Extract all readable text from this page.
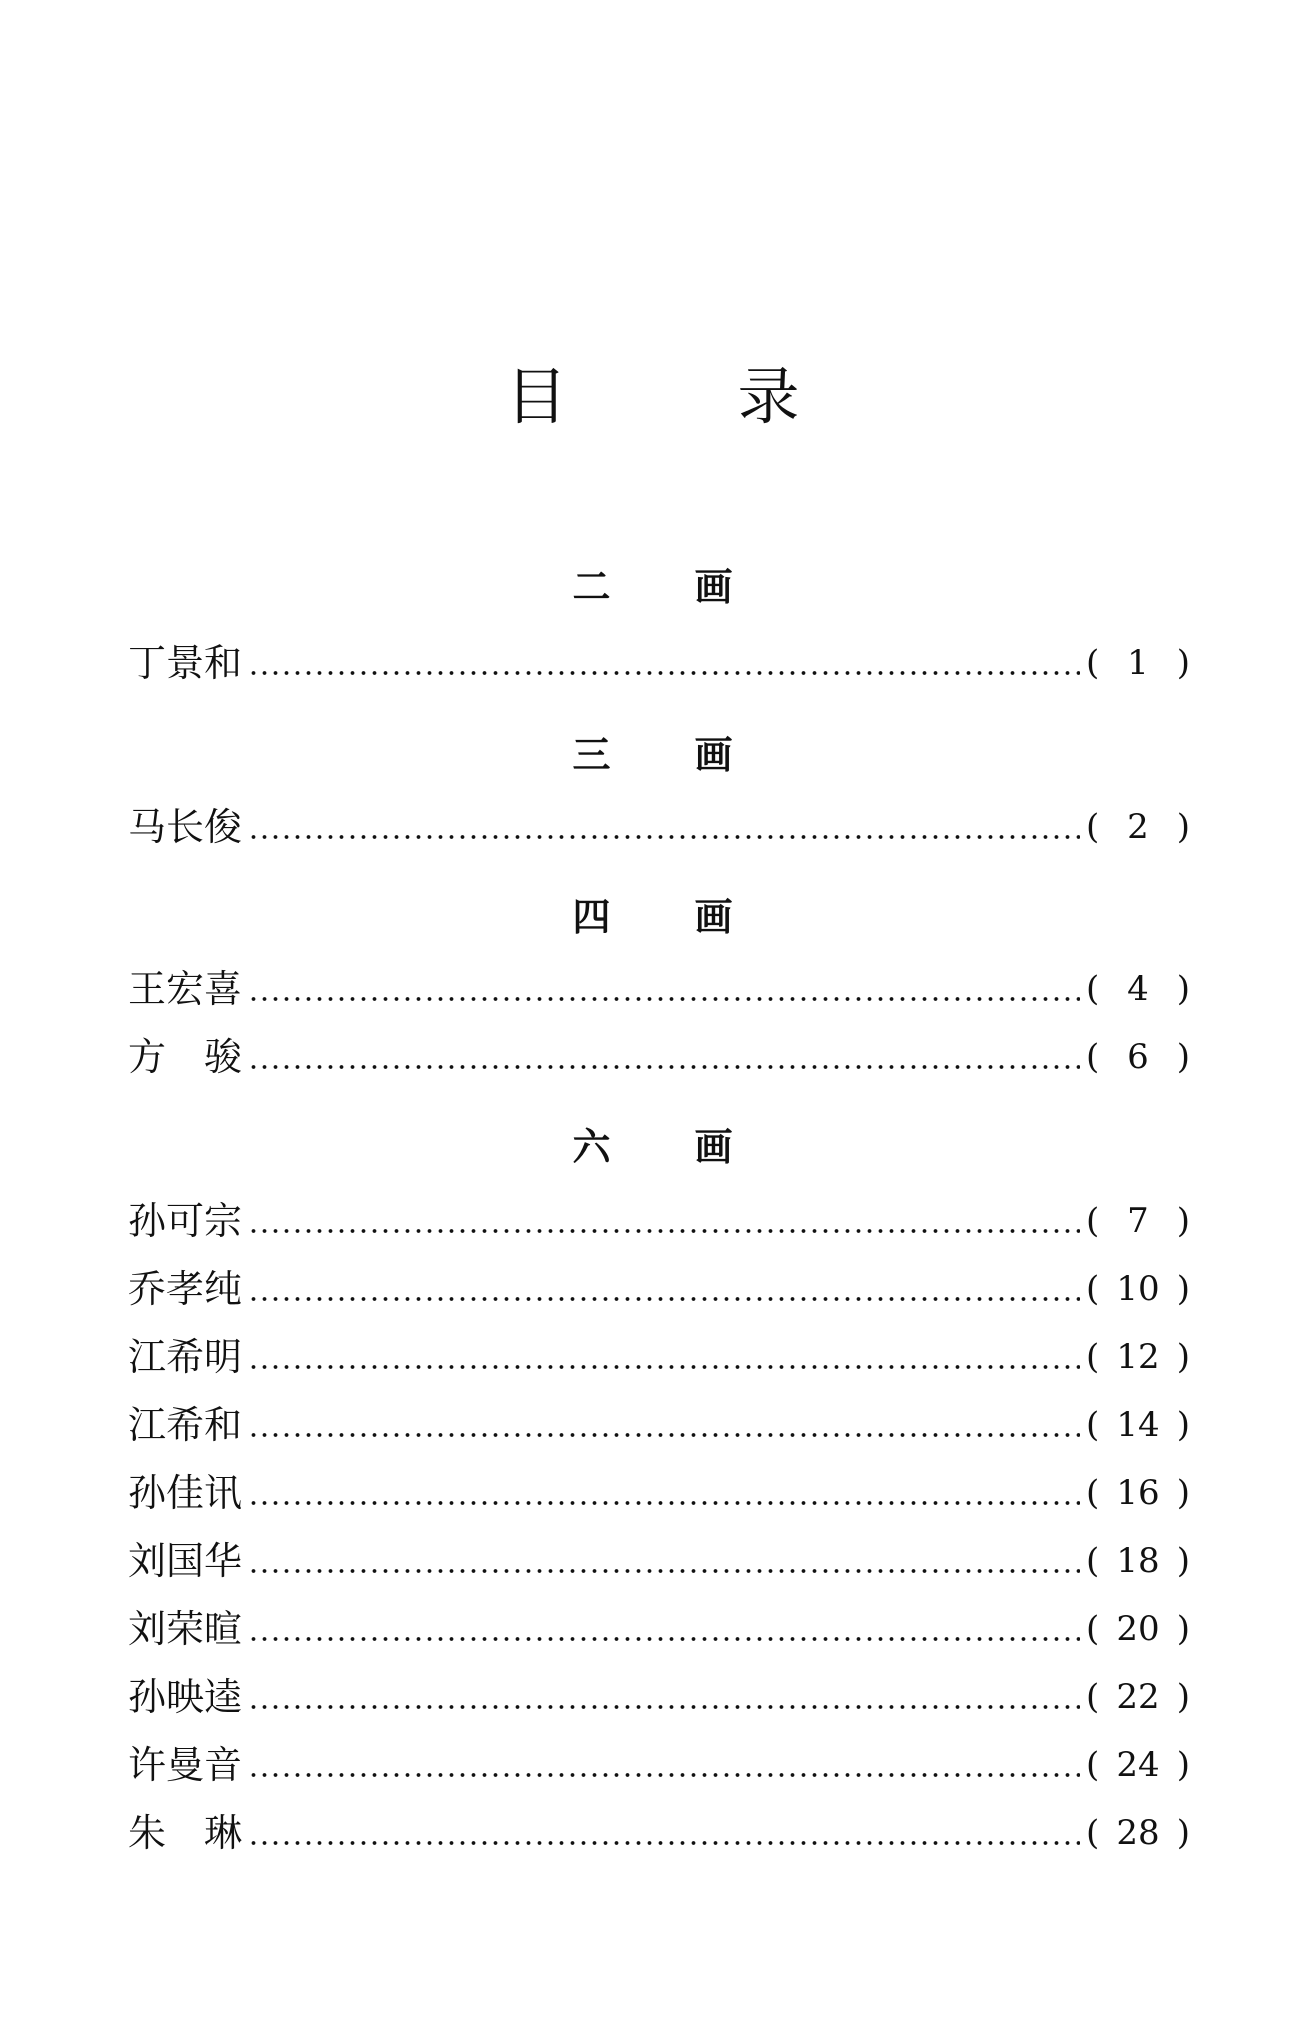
目	录
二 画
丁景和	( 1 )
三 画
马长俊	( 2 )
四 画
王宏喜	( 4 )
方　骏	( 6 )
六 画
孙可宗	( 7 )
乔孝纯	( 10 )
江希明	( 12 )
江希和	( 14 )
孙佳讯	( 16 )
刘国华	( 18 )
刘荣暄	( 20 )
孙映逵	( 22 )
许曼音	( 24 )
朱　琳	( 28 )
